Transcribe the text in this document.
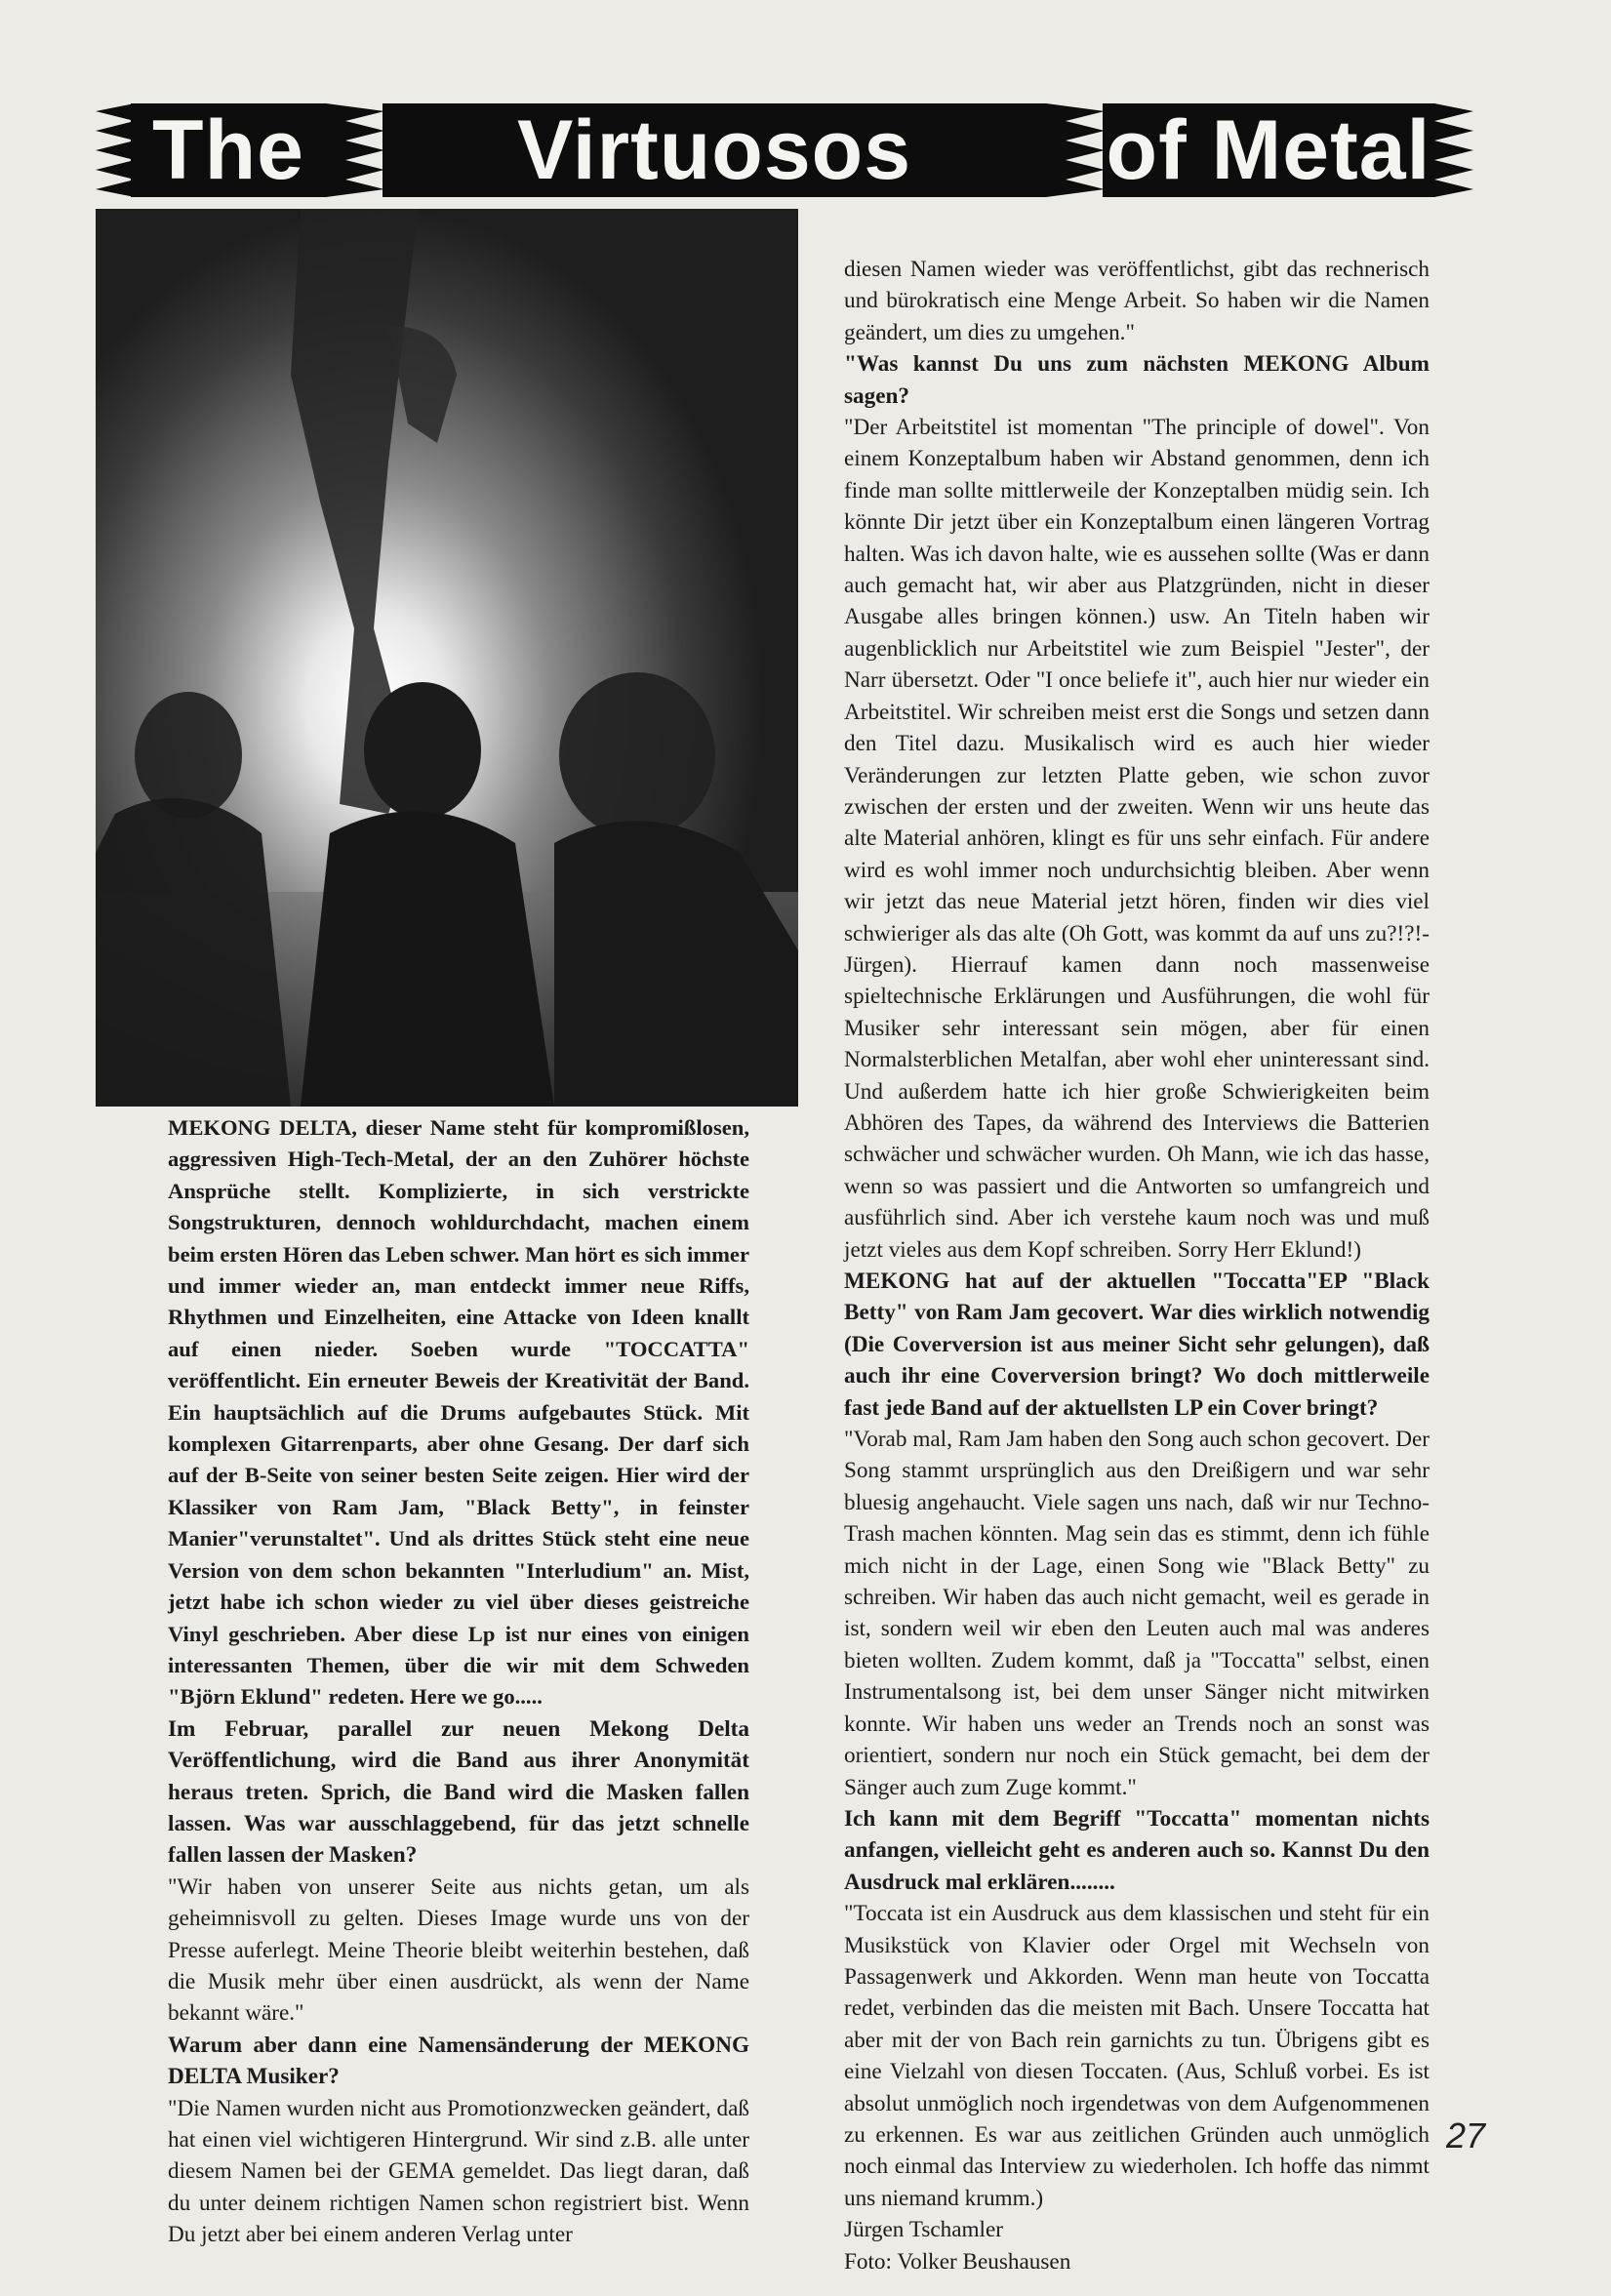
The	Virtuosos	of Metal

MEKONG DELTA, dieser Name steht für kompromißlosen, aggressiven High-Tech-Metal, der an den Zuhörer höchste Ansprüche stellt. Komplizierte, in sich verstrickte Songstrukturen, dennoch wohldurchdacht, machen einem beim ersten Hören das Leben schwer. Man hört es sich immer und immer wieder an, man entdeckt immer neue Riffs, Rhythmen und Einzelheiten, eine Attacke von Ideen knallt auf einen nieder. Soeben wurde "TOCCATTA" veröffentlicht. Ein erneuter Beweis der Kreativität der Band. Ein hauptsächlich auf die Drums aufgebautes Stück. Mit komplexen Gitarrenparts, aber ohne Gesang. Der darf sich auf der B-Seite von seiner besten Seite zeigen. Hier wird der Klassiker von Ram Jam, "Black Betty", in feinster Manier"verunstaltet". Und als drittes Stück steht eine neue Version von dem schon bekannten "Interludium" an. Mist, jetzt habe ich schon wieder zu viel über dieses geistreiche Vinyl geschrieben. Aber diese Lp ist nur eines von einigen interessanten Themen, über die wir mit dem Schweden "Björn Eklund" redeten. Here we go.....

Im Februar, parallel zur neuen Mekong Delta Veröffentlichung, wird die Band aus ihrer Anonymität heraus treten. Sprich, die Band wird die Masken fallen lassen. Was war ausschlaggebend, für das jetzt schnelle fallen lassen der Masken?

"Wir haben von unserer Seite aus nichts getan, um als geheimnisvoll zu gelten. Dieses Image wurde uns von der Presse auferlegt. Meine Theorie bleibt weiterhin bestehen, daß die Musik mehr über einen ausdrückt, als wenn der Name bekannt wäre."

Warum aber dann eine Namensänderung der MEKONG DELTA Musiker?

"Die Namen wurden nicht aus Promotionzwecken geändert, daß hat einen viel wichtigeren Hintergrund. Wir sind z.B. alle unter diesem Namen bei der GEMA gemeldet. Das liegt daran, daß du unter deinem richtigen Namen schon registriert bist. Wenn Du jetzt aber bei einem anderen Verlag unter

diesen Namen wieder was veröffentlichst, gibt das rechnerisch und bürokratisch eine Menge Arbeit. So haben wir die Namen geändert, um dies zu umgehen."

"Was kannst Du uns zum nächsten MEKONG Album sagen?

"Der Arbeitstitel ist momentan "The principle of dowel". Von einem Konzeptalbum haben wir Abstand genommen, denn ich finde man sollte mittlerweile der Konzeptalben müdig sein. Ich könnte Dir jetzt über ein Konzeptalbum einen längeren Vortrag halten. Was ich davon halte, wie es aussehen sollte (Was er dann auch gemacht hat, wir aber aus Platzgründen, nicht in dieser Ausgabe alles bringen können.) usw. An Titeln haben wir augenblicklich nur Arbeitstitel wie zum Beispiel "Jester", der Narr übersetzt. Oder "I once beliefe it", auch hier nur wieder ein Arbeitstitel. Wir schreiben meist erst die Songs und setzen dann den Titel dazu. Musikalisch wird es auch hier wieder Veränderungen zur letzten Platte geben, wie schon zuvor zwischen der ersten und der zweiten. Wenn wir uns heute das alte Material anhören, klingt es für uns sehr einfach. Für andere wird es wohl immer noch undurchsichtig bleiben. Aber wenn wir jetzt das neue Material jetzt hören, finden wir dies viel schwieriger als das alte (Oh Gott, was kommt da auf uns zu?!?!-Jürgen). Hierrauf kamen dann noch massenweise spieltechnische Erklärungen und Ausführungen, die wohl für Musiker sehr interessant sein mögen, aber für einen Normalsterblichen Metalfan, aber wohl eher uninteressant sind. Und außerdem hatte ich hier große Schwierigkeiten beim Abhören des Tapes, da während des Interviews die Batterien schwächer und schwächer wurden. Oh Mann, wie ich das hasse, wenn so was passiert und die Antworten so umfangreich und ausführlich sind. Aber ich verstehe kaum noch was und muß jetzt vieles aus dem Kopf schreiben. Sorry Herr Eklund!)

MEKONG hat auf der aktuellen "Toccatta"EP "Black Betty" von Ram Jam gecovert. War dies wirklich notwendig (Die Coverversion ist aus meiner Sicht sehr gelungen), daß auch ihr eine Coverversion bringt? Wo doch mittlerweile fast jede Band auf der aktuellsten LP ein Cover bringt?

"Vorab mal, Ram Jam haben den Song auch schon gecovert. Der Song stammt ursprünglich aus den Dreißigern und war sehr bluesig angehaucht. Viele sagen uns nach, daß wir nur Techno-Trash machen könnten. Mag sein das es stimmt, denn ich fühle mich nicht in der Lage, einen Song wie "Black Betty" zu schreiben. Wir haben das auch nicht gemacht, weil es gerade in ist, sondern weil wir eben den Leuten auch mal was anderes bieten wollten. Zudem kommt, daß ja "Toccatta" selbst, einen Instrumentalsong ist, bei dem unser Sänger nicht mitwirken konnte. Wir haben uns weder an Trends noch an sonst was orientiert, sondern nur noch ein Stück gemacht, bei dem der Sänger auch zum Zuge kommt."

Ich kann mit dem Begriff "Toccatta" momentan nichts anfangen, vielleicht geht es anderen auch so. Kannst Du den Ausdruck mal erklären........

"Toccata ist ein Ausdruck aus dem klassischen und steht für ein Musikstück von Klavier oder Orgel mit Wechseln von Passagenwerk und Akkorden. Wenn man heute von Toccatta redet, verbinden das die meisten mit Bach. Unsere Toccatta hat aber mit der von Bach rein garnichts zu tun. Übrigens gibt es eine Vielzahl von diesen Toccaten. (Aus, Schluß vorbei. Es ist absolut unmöglich noch irgendetwas von dem Aufgenommenen zu erkennen. Es war aus zeitlichen Gründen auch unmöglich noch einmal das Interview zu wiederholen. Ich hoffe das nimmt uns niemand krumm.)

Jürgen Tschamler

Foto: Volker Beushausen

27
